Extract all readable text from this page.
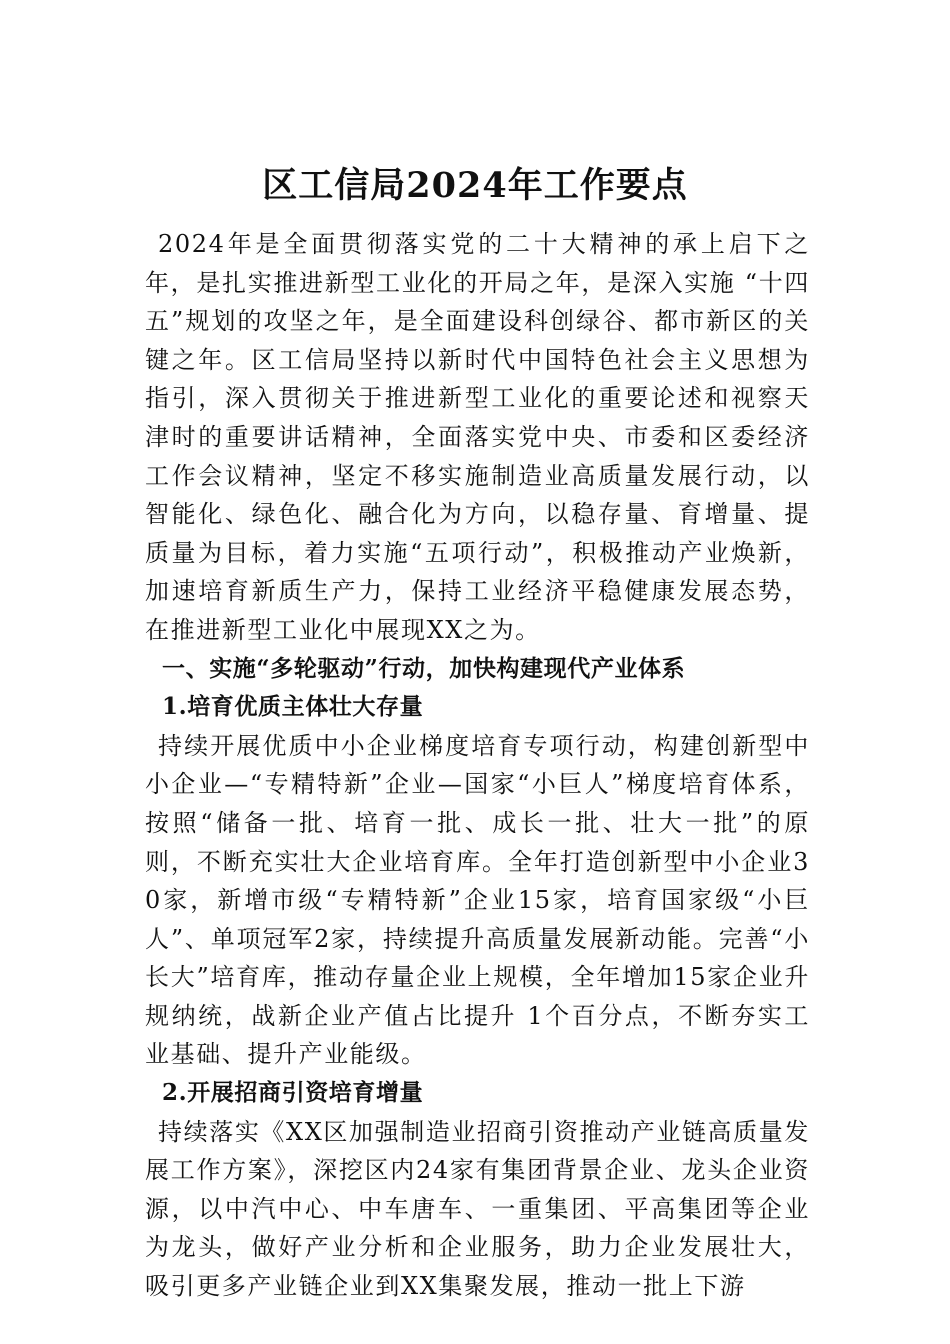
区工信局2024年工作要点

2024年是全面贯彻落实党的二十大精神的承上启下之年，是扎实推进新型工业化的开局之年，是深入实施 “十四五”规划的攻坚之年，是全面建设科创绿谷、都市新区的关键之年。区工信局坚持以新时代中国特色社会主义思想为指引，深入贯彻关于推进新型工业化的重要论述和视察天津时的重要讲话精神，全面落实党中央、市委和区委经济工作会议精神，坚定不移实施制造业高质量发展行动，以智能化、绿色化、融合化为方向，以稳存量、育增量、提质量为目标，着力实施“五项行动”，积极推动产业焕新，加速培育新质生产力，保持工业经济平稳健康发展态势，在推进新型工业化中展现XX之为。

一、实施“多轮驱动”行动，加快构建现代产业体系

1.培育优质主体壮大存量

持续开展优质中小企业梯度培育专项行动，构建创新型中小企业—“专精特新”企业—国家“小巨人”梯度培育体系，按照“储备一批、培育一批、成长一批、壮大一批”的原则，不断充实壮大企业培育库。全年打造创新型中小企业30家，新增市级“专精特新”企业15家，培育国家级“小巨人”、单项冠军2家，持续提升高质量发展新动能。完善“小长大”培育库，推动存量企业上规模，全年增加15家企业升规纳统，战新企业产值占比提升 1个百分点，不断夯实工业基础、提升产业能级。

2.开展招商引资培育增量

持续落实《XX区加强制造业招商引资推动产业链高质量发展工作方案》，深挖区内24家有集团背景企业、龙头企业资源，以中汽中心、中车唐车、一重集团、平高集团等企业为龙头，做好产业分析和企业服务，助力企业发展壮大，吸引更多产业链企业到XX集聚发展，推动一批上下游
